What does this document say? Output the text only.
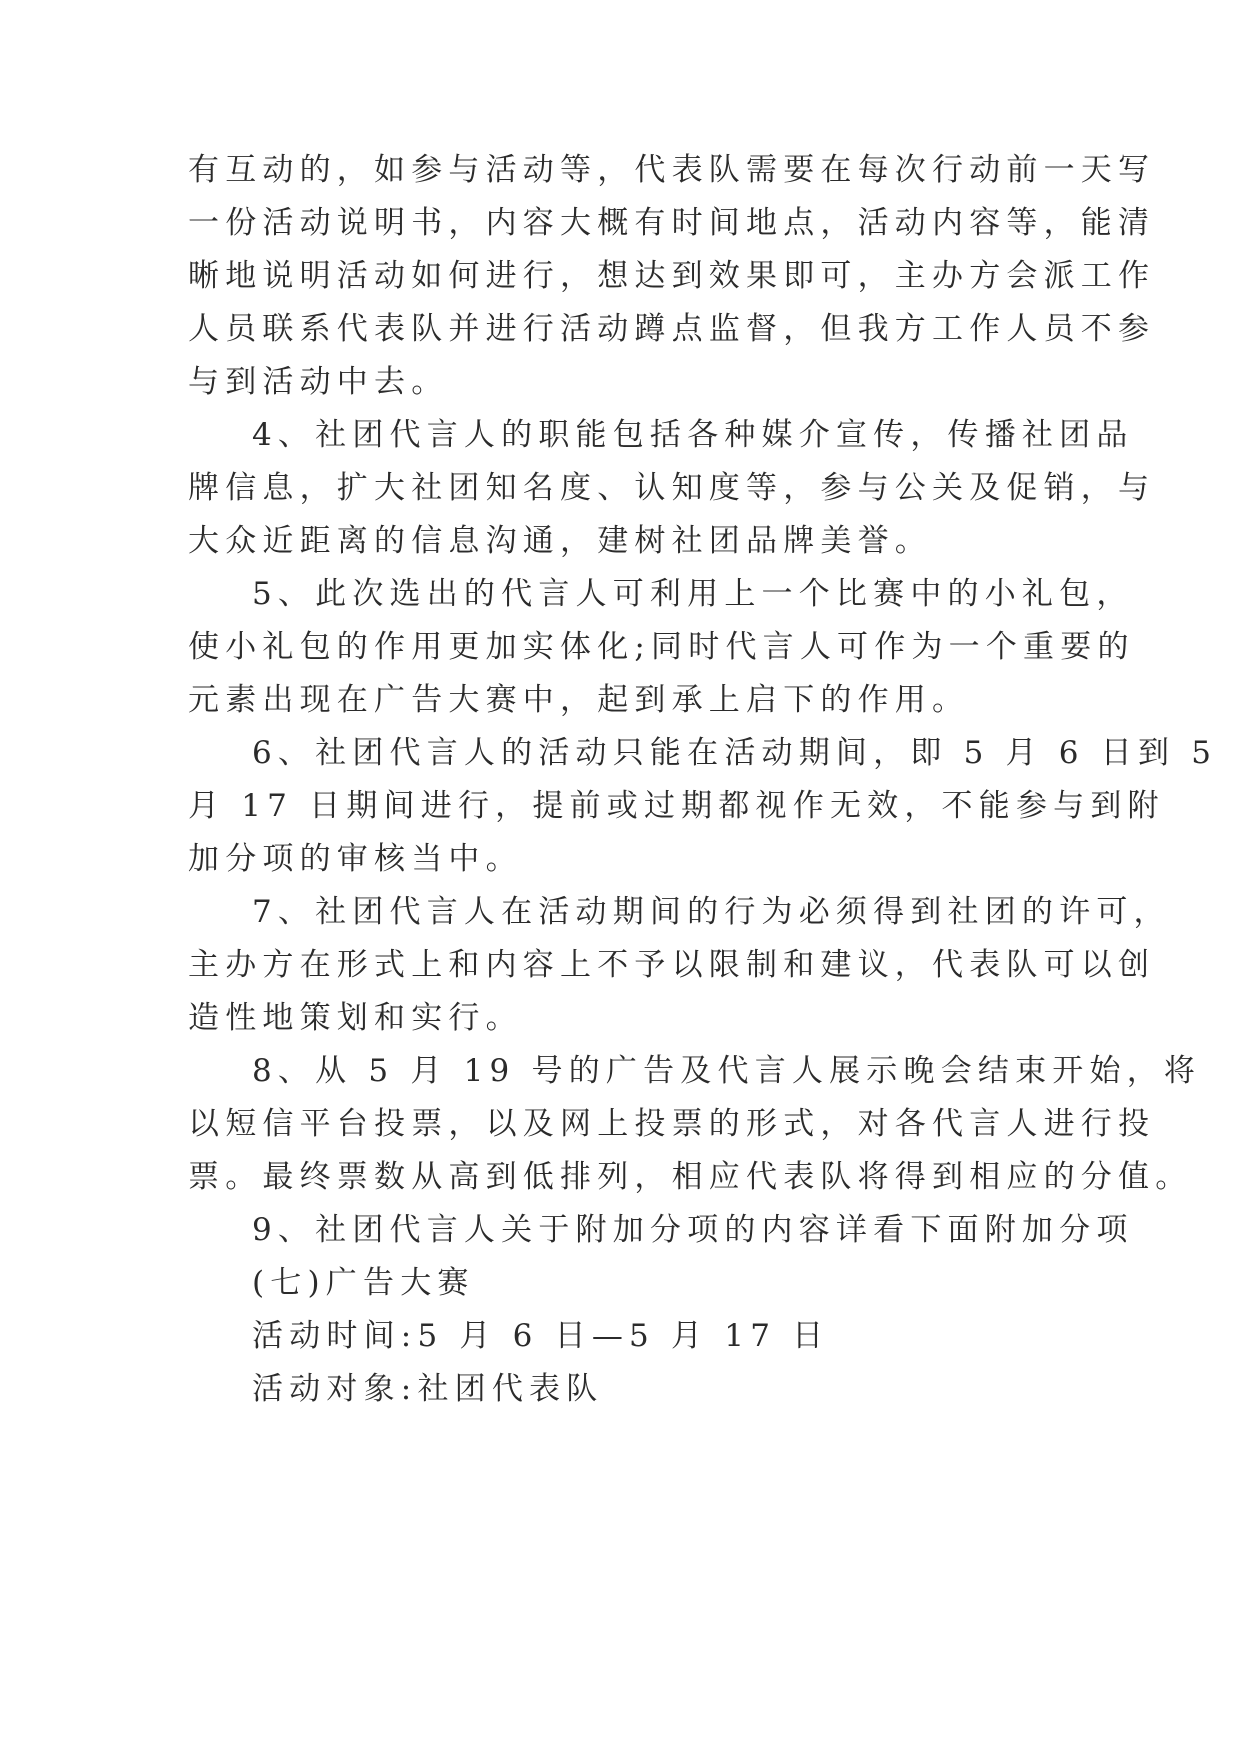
有互动的，如参与活动等，代表队需要在每次行动前一天写
一份活动说明书，内容大概有时间地点，活动内容等，能清
晰地说明活动如何进行，想达到效果即可，主办方会派工作
人员联系代表队并进行活动蹲点监督，但我方工作人员不参
与到活动中去。
4、社团代言人的职能包括各种媒介宣传，传播社团品
牌信息，扩大社团知名度、认知度等，参与公关及促销，与
大众近距离的信息沟通，建树社团品牌美誉。
5、此次选出的代言人可利用上一个比赛中的小礼包，
使小礼包的作用更加实体化;同时代言人可作为一个重要的
元素出现在广告大赛中，起到承上启下的作用。
6、社团代言人的活动只能在活动期间，即 5 月 6 日到 5
月 17 日期间进行，提前或过期都视作无效，不能参与到附
加分项的审核当中。
7、社团代言人在活动期间的行为必须得到社团的许可，
主办方在形式上和内容上不予以限制和建议，代表队可以创
造性地策划和实行。
8、从 5 月 19 号的广告及代言人展示晚会结束开始，将
以短信平台投票，以及网上投票的形式，对各代言人进行投
票。最终票数从高到低排列，相应代表队将得到相应的分值。
9、社团代言人关于附加分项的内容详看下面附加分项
(七)广告大赛
活动时间:5 月 6 日—5 月 17 日
活动对象:社团代表队
